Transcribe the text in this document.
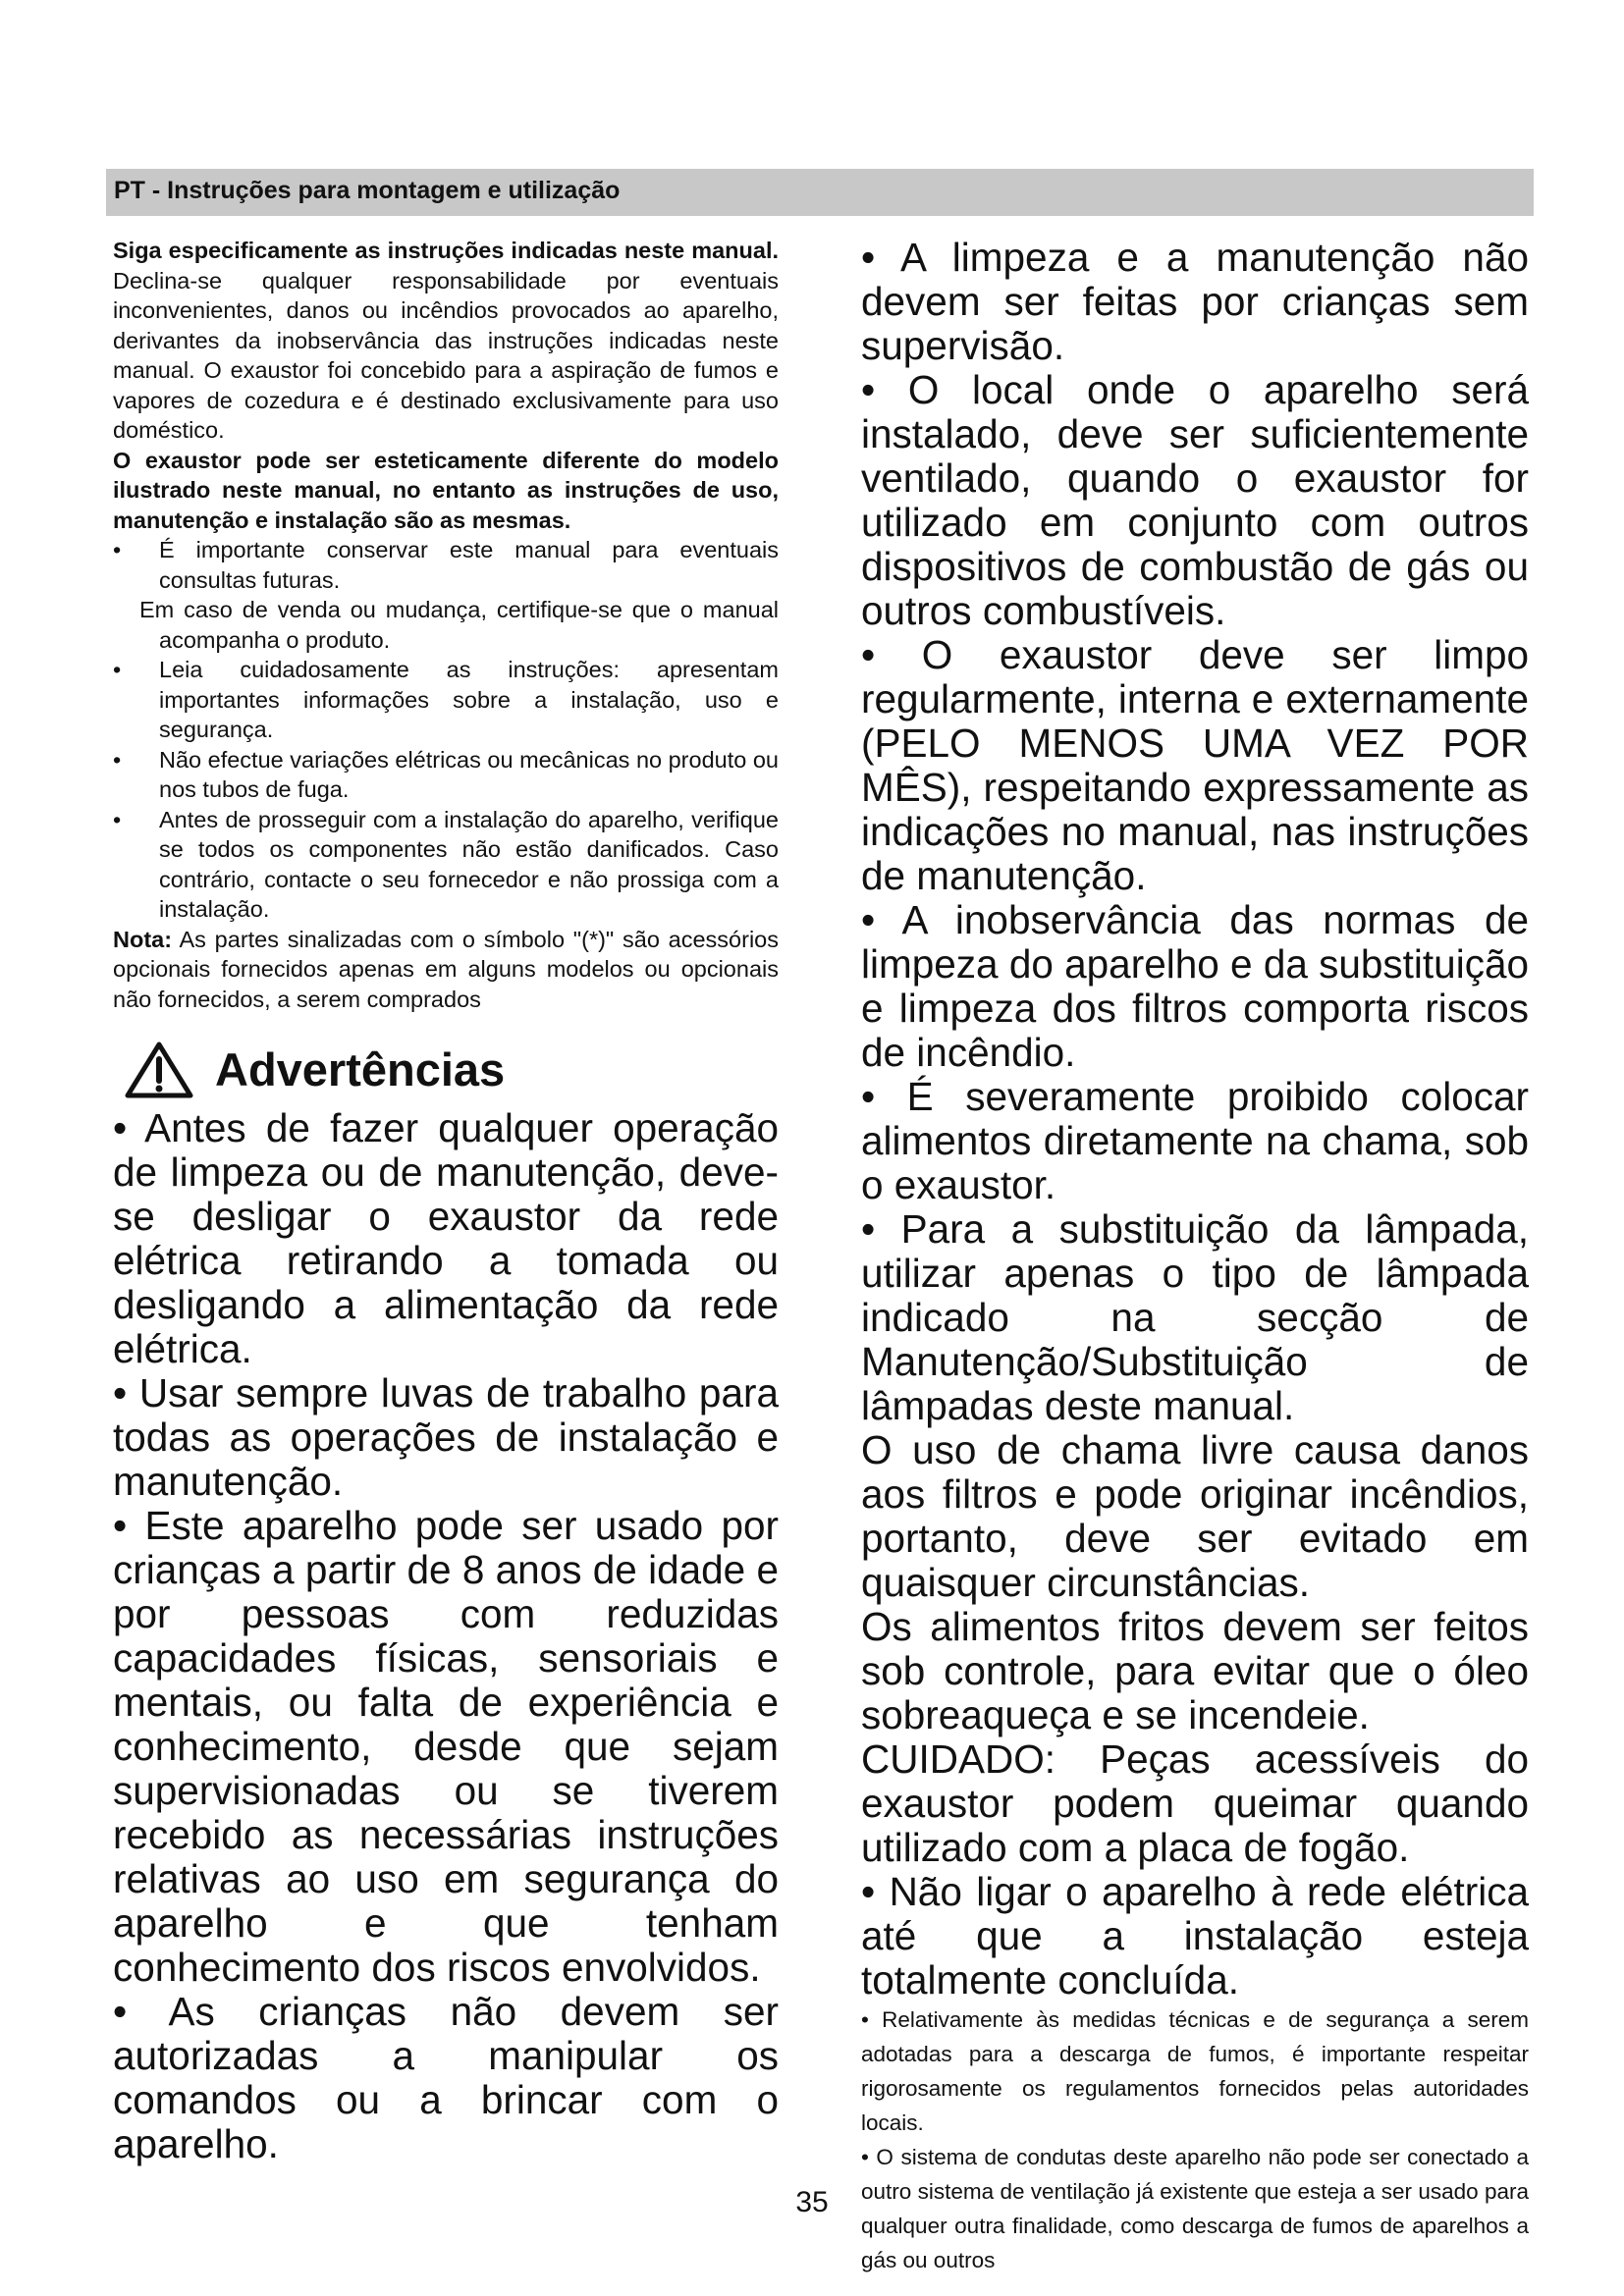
PT - Instruções para montagem e utilização

Siga especificamente as instruções indicadas neste manual. Declina-se qualquer responsabilidade por eventuais inconvenientes, danos ou incêndios provocados ao aparelho, derivantes da inobservância das instruções indicadas neste manual. O exaustor foi concebido para a aspiração de fumos e vapores de cozedura e é destinado exclusivamente para uso doméstico.

O exaustor pode ser esteticamente diferente do modelo ilustrado neste manual, no entanto as instruções de uso, manutenção e instalação são as mesmas.

•	É importante conservar este manual para eventuais consultas futuras.

Em caso de venda ou mudança, certifique-se que o manual acompanha o produto.

•	Leia cuidadosamente as instruções: apresentam importantes informações sobre a instalação, uso e segurança.
•	Não efectue variações elétricas ou mecânicas no produto ou nos tubos de fuga.
•	Antes de prosseguir com a instalação do aparelho, verifique se todos os componentes não estão danificados. Caso contrário, contacte o seu fornecedor e não prossiga com a instalação.

Nota: As partes sinalizadas com o símbolo "(*)" são acessórios opcionais fornecidos apenas em alguns modelos ou opcionais não fornecidos, a serem comprados

Advertências

• Antes de fazer qualquer operação de limpeza ou de manutenção, deve-se desligar o exaustor da rede elétrica retirando a tomada ou desligando a alimentação da rede elétrica.

• Usar sempre luvas de trabalho para todas as operações de instalação e manutenção.

• Este aparelho pode ser usado por crianças a partir de 8 anos de idade e por pessoas com reduzidas capacidades físicas, sensoriais e mentais, ou falta de experiência e conhecimento, desde que sejam supervisionadas ou se tiverem recebido as necessárias instruções relativas ao uso em segurança do aparelho e que tenham conhecimento dos riscos envolvidos.

• As crianças não devem ser autorizadas a manipular os comandos ou a brincar com o aparelho.

• A limpeza e a manutenção não devem ser feitas por crianças sem supervisão.

• O local onde o aparelho será instalado, deve ser suficientemente ventilado, quando o exaustor for utilizado em conjunto com outros dispositivos de combustão de gás ou outros combustíveis.

• O exaustor deve ser limpo regularmente, interna e externamente (PELO MENOS UMA VEZ POR MÊS), respeitando expressamente as indicações no manual, nas instruções de manutenção.

• A inobservância das normas de limpeza do aparelho e da substituição e limpeza dos filtros comporta riscos de incêndio.

• É severamente proibido colocar alimentos diretamente na chama, sob o exaustor.

• Para a substituição da lâmpada, utilizar apenas o tipo de lâmpada indicado na secção de Manutenção/Substituição de lâmpadas deste manual.

O uso de chama livre causa danos aos filtros e pode originar incêndios, portanto, deve ser evitado em quaisquer circunstâncias.

Os alimentos fritos devem ser feitos sob controle, para evitar que o óleo sobreaqueça e se incendeie.

CUIDADO: Peças acessíveis do exaustor podem queimar quando utilizado com a placa de fogão.

• Não ligar o aparelho à rede elétrica até que a instalação esteja totalmente concluída.

• Relativamente às medidas técnicas e de segurança a serem adotadas para a descarga de fumos, é importante respeitar rigorosamente os regulamentos fornecidos pelas autoridades locais.

• O sistema de condutas deste aparelho não pode ser conectado a outro sistema de ventilação já existente que esteja a ser usado para qualquer outra finalidade, como descarga de fumos de aparelhos a gás ou outros

35
